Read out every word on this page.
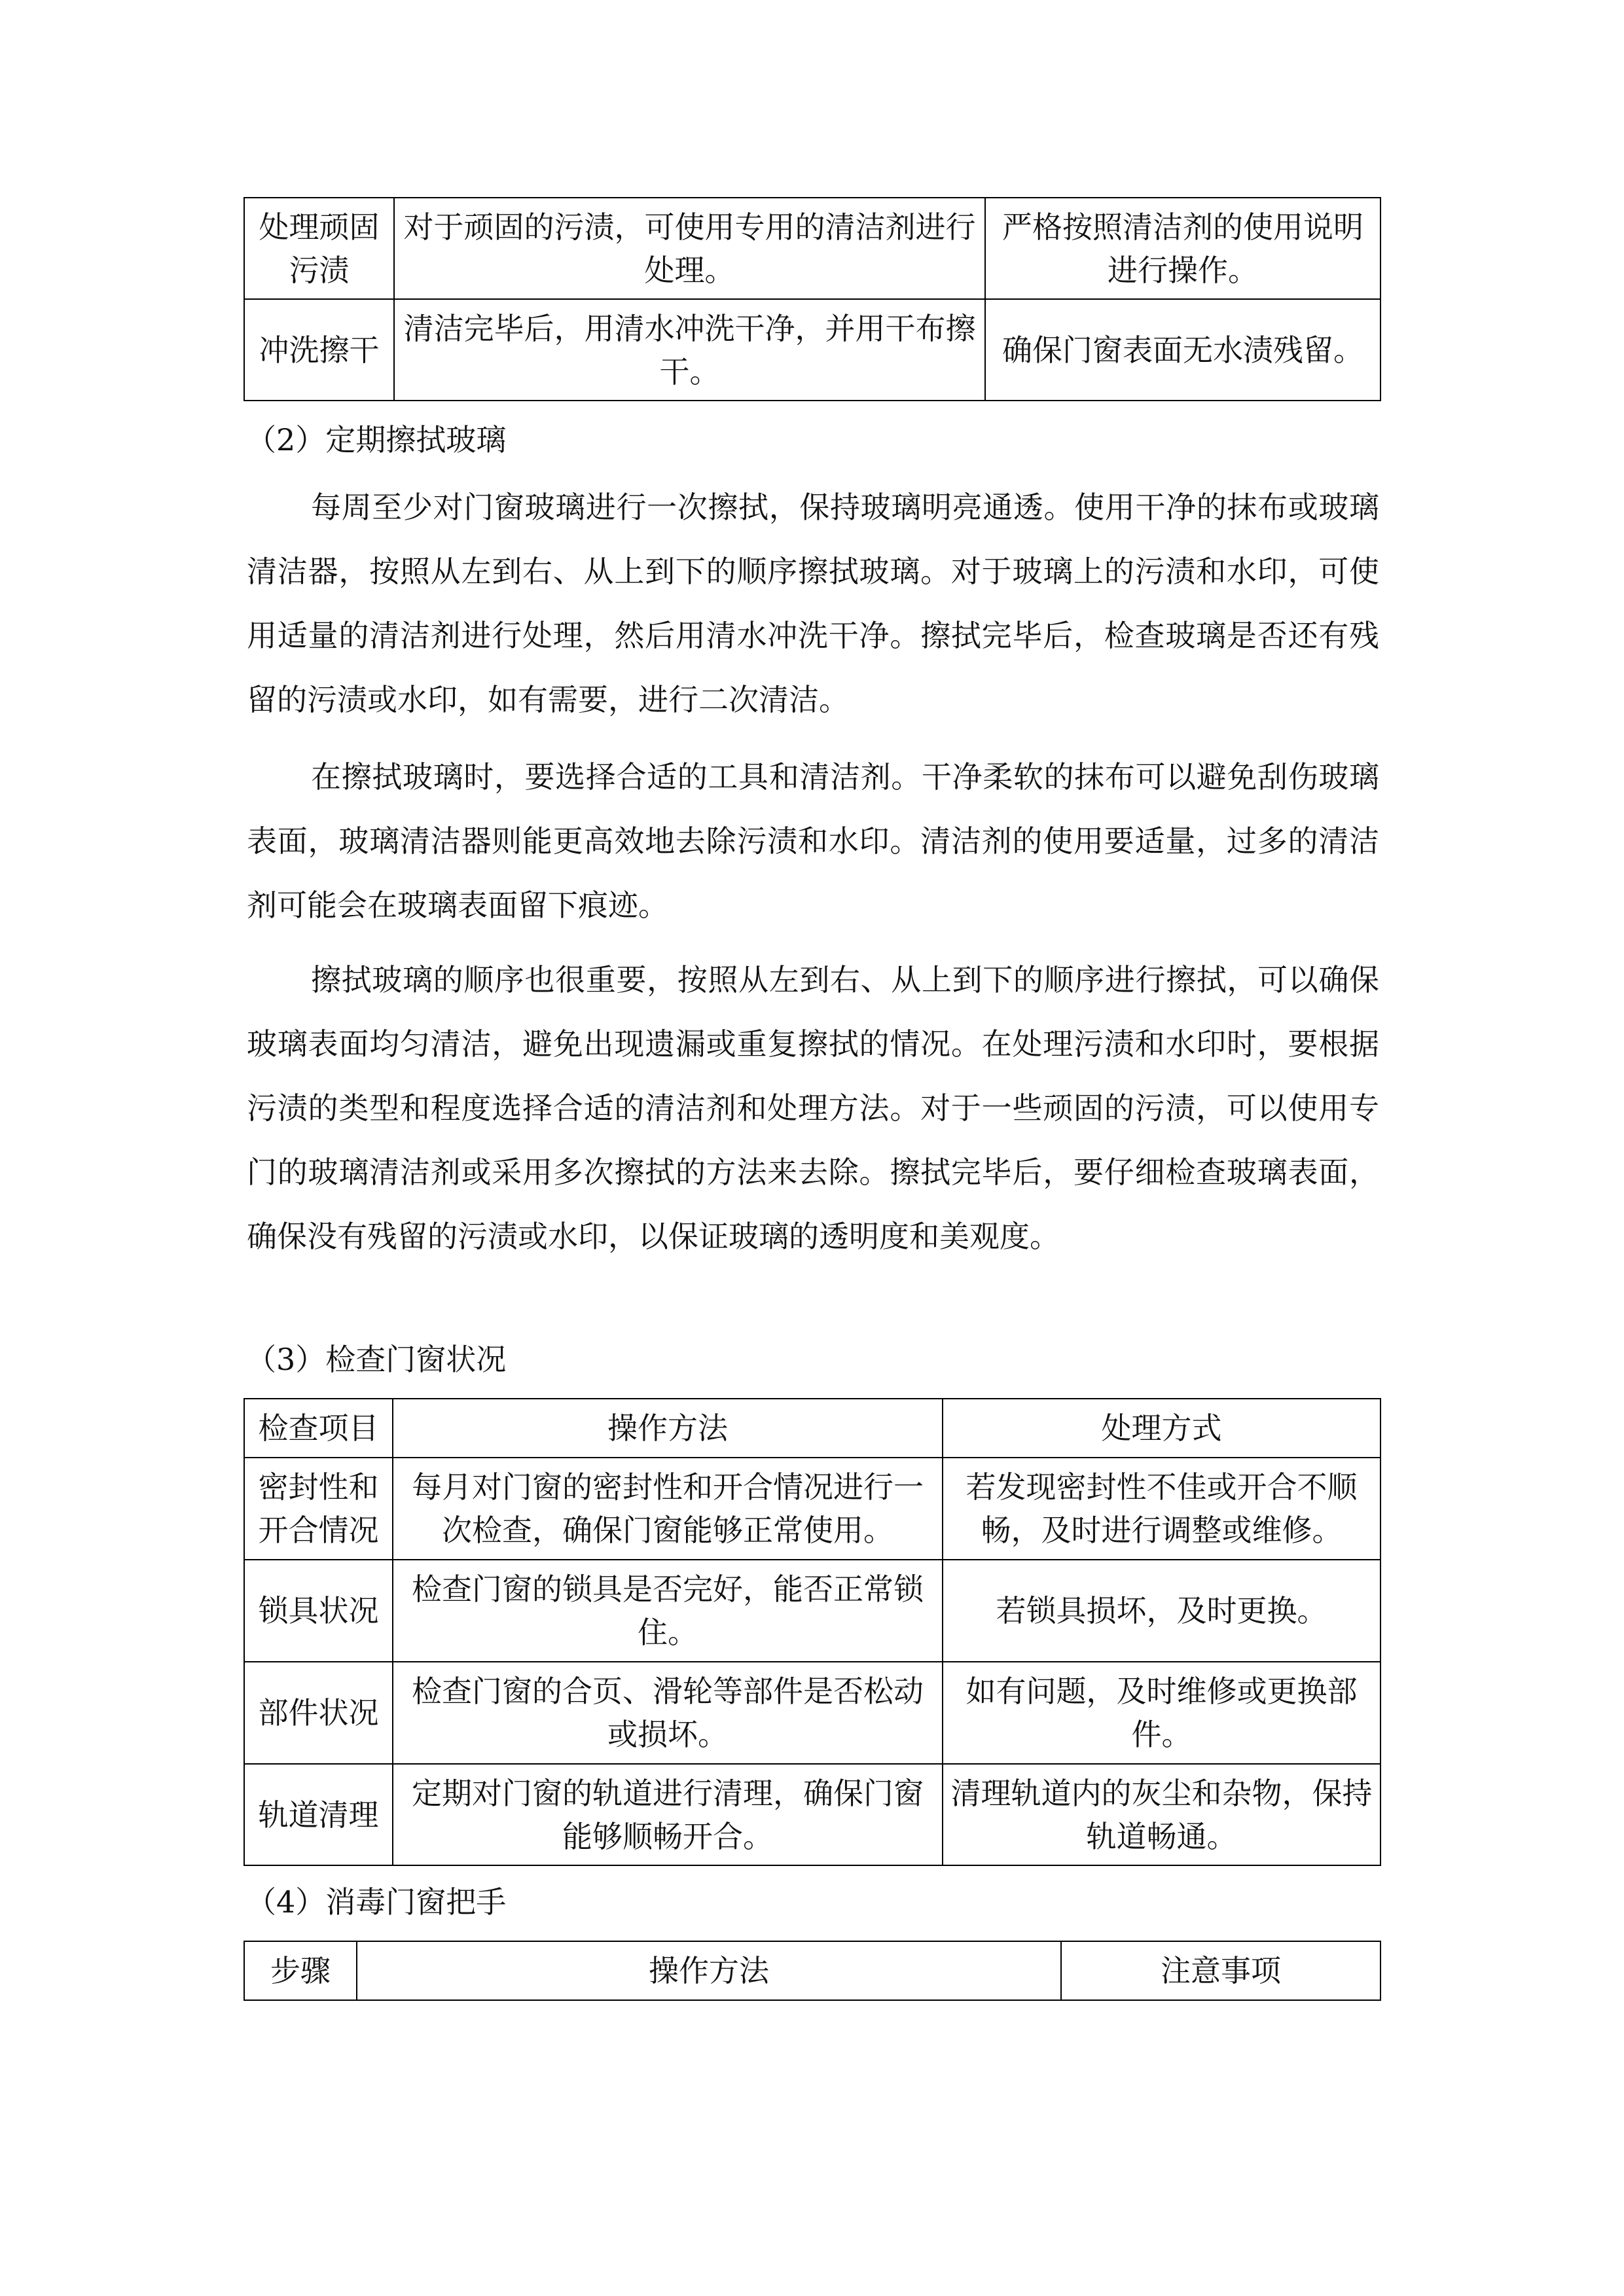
处理顽固污渍	对于顽固的污渍，可使用专用的清洁剂进行处理。	严格按照清洁剂的使用说明进行操作。
冲洗擦干	清洁完毕后，用清水冲洗干净，并用干布擦干。	确保门窗表面无水渍残留。
（2）定期擦拭玻璃

每周至少对门窗玻璃进行一次擦拭，保持玻璃明亮通透。使用干净的抹布或玻璃清洁器，按照从左到右、从上到下的顺序擦拭玻璃。对于玻璃上的污渍和水印，可使用适量的清洁剂进行处理，然后用清水冲洗干净。擦拭完毕后，检查玻璃是否还有残留的污渍或水印，如有需要，进行二次清洁。

在擦拭玻璃时，要选择合适的工具和清洁剂。干净柔软的抹布可以避免刮伤玻璃表面，玻璃清洁器则能更高效地去除污渍和水印。清洁剂的使用要适量，过多的清洁剂可能会在玻璃表面留下痕迹。

擦拭玻璃的顺序也很重要，按照从左到右、从上到下的顺序进行擦拭，可以确保玻璃表面均匀清洁，避免出现遗漏或重复擦拭的情况。在处理污渍和水印时，要根据污渍的类型和程度选择合适的清洁剂和处理方法。对于一些顽固的污渍，可以使用专门的玻璃清洁剂或采用多次擦拭的方法来去除。擦拭完毕后，要仔细检查玻璃表面，确保没有残留的污渍或水印，以保证玻璃的透明度和美观度。

（3）检查门窗状况
检查项目	操作方法	处理方式
密封性和开合情况	每月对门窗的密封性和开合情况进行一次检查，确保门窗能够正常使用。	若发现密封性不佳或开合不顺畅，及时进行调整或维修。
锁具状况	检查门窗的锁具是否完好，能否正常锁住。	若锁具损坏，及时更换。
部件状况	检查门窗的合页、滑轮等部件是否松动或损坏。	如有问题，及时维修或更换部件。
轨道清理	定期对门窗的轨道进行清理，确保门窗能够顺畅开合。	清理轨道内的灰尘和杂物，保持轨道畅通。
（4）消毒门窗把手
步骤	操作方法	注意事项
